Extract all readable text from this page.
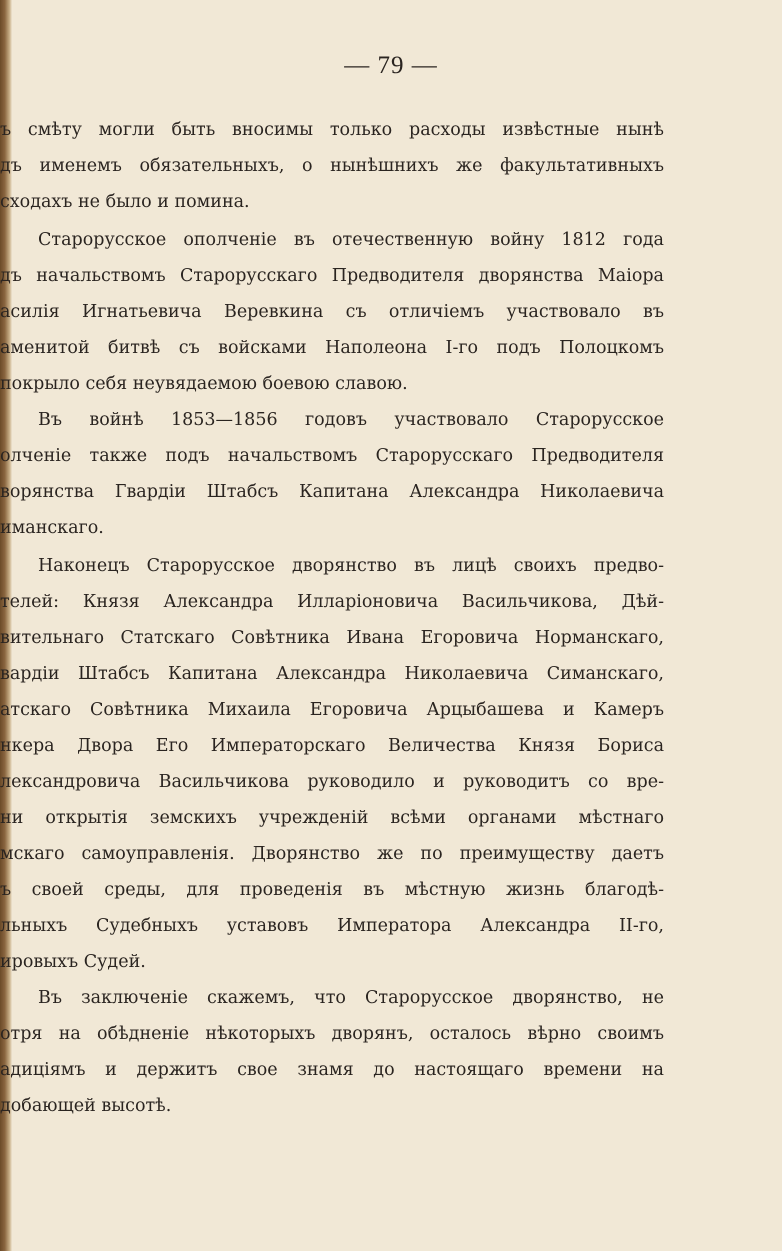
— 79 —
ъ смѣту могли быть вносимы только расходы извѣстные нынѣ
дъ именемъ обязательныхъ, о нынѣшнихъ же факультативныхъ
сходахъ не было и помина.
Старорусское ополченіе въ отечественную войну 1812 года
дъ начальствомъ Старорусскаго Предводителя дворянства Маіора
асилія Игнатьевича Веревкина съ отличіемъ участвовало въ
аменитой битвѣ съ войсками Наполеона I-го подъ Полоцкомъ
покрыло себя неувядаемою боевою славою.
Въ войнѣ 1853—1856 годовъ участвовало Старорусское
олченіе также подъ начальствомъ Старорусскаго Предводителя
ворянства Гвардіи Штабсъ Капитана Александра Николаевича
иманскаго.
Наконецъ Старорусское дворянство въ лицѣ своихъ предво-
телей: Князя Александра Илларіоновича Васильчикова, Дѣй-
вительнаго Статскаго Совѣтника Ивана Егоровича Норманскаго,
вардіи Штабсъ Капитана Александра Николаевича Симанскаго,
атскаго Совѣтника Михаила Егоровича Арцыбашева и Камеръ
нкера Двора Его Императорскаго Величества Князя Бориса
лександровича Васильчикова руководило и руководитъ со вре-
ни открытія земскихъ учрежденій всѣми органами мѣстнаго
мскаго самоуправленія. Дворянство же по преимуществу даетъ
ъ своей среды, для проведенія въ мѣстную жизнь благодѣ-
льныхъ Судебныхъ уставовъ Императора Александра II-го,
ировыхъ Судей.
Въ заключеніе скажемъ, что Старорусское дворянство, не
отря на обѣдненіе нѣкоторыхъ дворянъ, осталось вѣрно своимъ
адиціямъ и держитъ свое знамя до настоящаго времени на
добающей высотѣ.
